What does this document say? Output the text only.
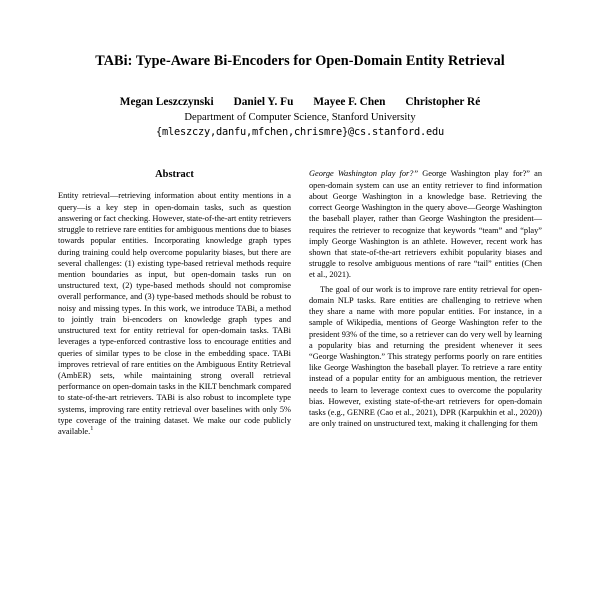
TABi: Type-Aware Bi-Encoders for Open-Domain Entity Retrieval
Megan Leszczynski Daniel Y. Fu Mayee F. Chen Christopher Ré
Department of Computer Science, Stanford University
{mleszczy,danfu,mfchen,chrismre}@cs.stanford.edu
Abstract

Entity retrieval—retrieving information about entity mentions in a query—is a key step in open-domain tasks, such as question answering or fact checking. However, state-of-the-art entity retrievers struggle to retrieve rare entities for ambiguous mentions due to biases towards popular entities. Incorporating knowledge graph types during training could help overcome popularity biases, but there are several challenges: (1) existing type-based retrieval methods require mention boundaries as input, but open-domain tasks run on unstructured text, (2) type-based methods should not compromise overall performance, and (3) type-based methods should be robust to noisy and missing types. In this work, we introduce TABi, a method to jointly train bi-encoders on knowledge graph types and unstructured text for entity retrieval for open-domain tasks. TABi leverages a type-enforced contrastive loss to encourage entities and queries of similar types to be close in the embedding space. TABi improves retrieval of rare entities on the Ambiguous Entity Retrieval (AmbER) sets, while maintaining strong overall retrieval performance on open-domain tasks in the KILT benchmark compared to state-of-the-art retrievers. TABi is also robust to incomplete type systems, improving rare entity retrieval over baselines with only 5% type coverage of the training dataset. We make our code publicly available.$^1$

George Washington play for?” George Washington play for?” an open-domain system can use an entity retriever to find information about George Washington in a knowledge base. Retrieving the correct George Washington in the query above—George Washington the baseball player, rather than George Washington the president—requires the retriever to recognize that keywords “team” and “play” imply George Washington is an athlete. However, recent work has shown that state-of-the-art retrievers exhibit popularity biases and struggle to resolve ambiguous mentions of rare “tail” entities (Chen et al., 2021).

The goal of our work is to improve rare entity retrieval for open-domain NLP tasks. Rare entities are challenging to retrieve when they share a name with more popular entities. For instance, in a sample of Wikipedia, mentions of George Washington refer to the president 93% of the time, so a retriever can do very well by learning a popularity bias and returning the president whenever it sees “George Washington.” This strategy performs poorly on rare entities like George Washington the baseball player. To retrieve a rare entity instead of a popular entity for an ambiguous mention, the retriever needs to learn to leverage context cues to overcome the popularity bias. However, existing state-of-the-art retrievers for open-domain tasks (e.g., GENRE (Cao et al., 2021), DPR (Karpukhin et al., 2020)) are only trained on unstructured text, making it challenging for them
